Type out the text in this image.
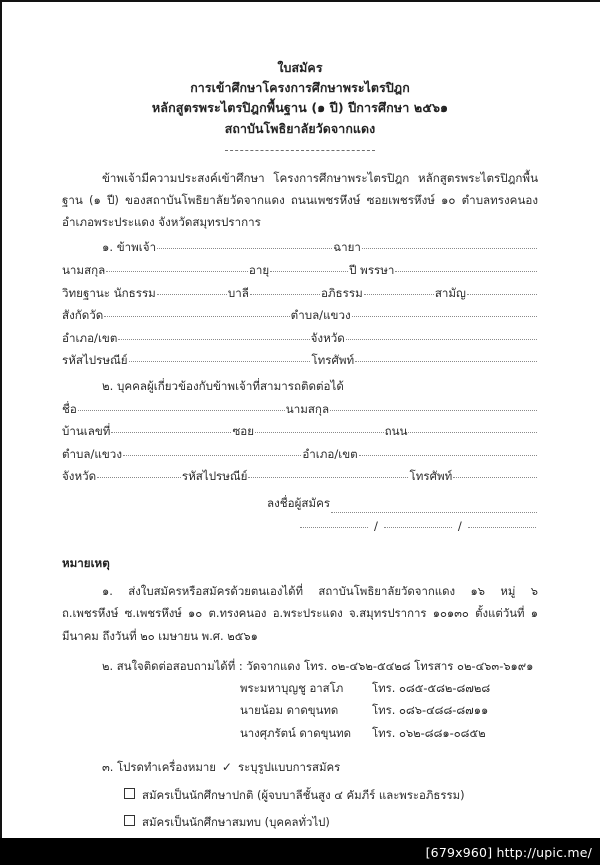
ใบสมัคร
การเข้าศึกษาโครงการศึกษาพระไตรปิฎก
หลักสูตรพระไตรปิฎกพื้นฐาน (๑ ปี) ปีการศึกษา ๒๕๖๑
สถาบันโพธิยาลัยวัดจากแดง
ข้าพเจ้ามีความประสงค์เข้าศึกษา โครงการศึกษาพระไตรปิฎก หลักสูตรพระไตรปิฎกพื้นฐาน (๑ ปี) ของสถาบันโพธิยาลัยวัดจากแดง ถนนเพชรหึงษ์ ซอยเพชรหึงษ์ ๑๐ ตำบลทรงคนอง อำเภอพระประแดง จังหวัดสมุทรปราการ
๑. ข้าพเจ้า	ฉายา
นามสกุล	อายุ	ปี พรรษา
วิทยฐานะ นักธรรม	บาลี	อภิธรรม	สามัญ
สังกัดวัด	ตำบล/แขวง
อำเภอ/เขต	จังหวัด
รหัสไปรษณีย์	โทรศัพท์
๒. บุคคลผู้เกี่ยวข้องกับข้าพเจ้าที่สามารถติดต่อได้
ชื่อ	นามสกุล
บ้านเลขที่	ซอย	ถนน
ตำบล/แขวง	อำเภอ/เขต
จังหวัด	รหัสไปรษณีย์	โทรศัพท์
ลงชื่อผู้สมัคร
/	/
หมายเหตุ
๑. ส่งใบสมัครหรือสมัครด้วยตนเองได้ที่ สถาบันโพธิยาลัยวัดจากแดง ๑๖ หมู่ ๖ ถ.เพชรหึงษ์ ซ.เพชรหึงษ์ ๑๐ ต.ทรงคนอง อ.พระประแดง จ.สมุทรปราการ ๑๐๑๓๐ ตั้งแต่วันที่ ๑ มีนาคม ถึงวันที่ ๒๐ เมษายน พ.ศ. ๒๕๖๑
๒. สนใจติดต่อสอบถามได้ที่ : วัดจากแดง โทร. ๐๒-๔๖๒-๕๔๒๘ โทรสาร ๐๒-๔๖๓-๖๑๙๑
พระมหาบุญชู อาสโภ	โทร. ๐๘๕-๕๘๒-๘๗๒๘
นายน้อม ดาดขุนทด	โทร. ๐๘๖-๔๘๘-๘๗๑๑
นางศุภรัตน์ ดาดขุนทด	โทร. ๐๖๒-๘๘๑-๐๘๕๒
๓. โปรดทำเครื่องหมาย ✓ ระบุรูปแบบการสมัคร
สมัครเป็นนักศึกษาปกติ (ผู้จบบาลีชั้นสูง ๔ คัมภีร์ และพระอภิธรรม)
สมัครเป็นนักศึกษาสมทบ (บุคคลทั่วไป)
[679x960] http://upic.me/
